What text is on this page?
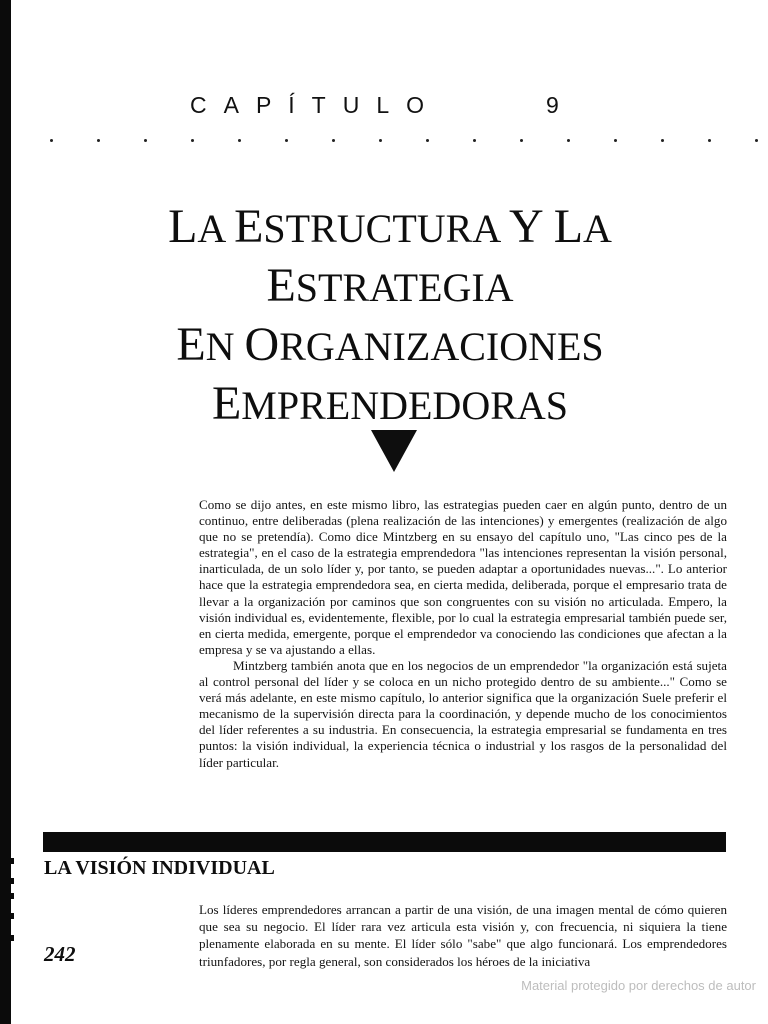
CAPÍTULO	9
LA ESTRUCTURA Y LA
ESTRATEGIA
EN ORGANIZACIONES
EMPRENDEDORAS

Como se dijo antes, en este mismo libro, las estrategias pueden caer en algún punto, dentro de un continuo, entre deliberadas (plena realización de las intenciones) y emergentes (realización de algo que no se pretendía). Como dice Mintzberg en su ensayo del capítulo uno, "Las cinco pes de la estrategia", en el caso de la estrategia emprendedora "las intenciones representan la visión personal, inarticulada, de un solo líder y, por tanto, se pueden adaptar a oportunidades nuevas...". Lo anterior hace que la estrategia emprendedora sea, en cierta medida, deliberada, porque el empresario trata de llevar a la organización por caminos que son congruentes con su visión no articulada. Empero, la visión individual es, evidentemente, flexible, por lo cual la estrategia empresarial también puede ser, en cierta medida, emergente, porque el emprendedor va conociendo las condiciones que afectan a la empresa y se va ajustando a ellas.

Mintzberg también anota que en los negocios de un emprendedor "la organización está sujeta al control personal del líder y se coloca en un nicho protegido dentro de su ambiente..." Como se verá más adelante, en este mismo capítulo, lo anterior significa que la organización Suele preferir el mecanismo de la supervisión directa para la coordinación, y depende mucho de los conocimientos del líder referentes a su industria. En consecuencia, la estrategia empresarial se fundamenta en tres puntos: la visión individual, la experiencia técnica o industrial y los rasgos de la personalidad del líder particular.

LA VISIÓN INDIVIDUAL

Los líderes emprendedores arrancan a partir de una visión, de una imagen mental de cómo quieren que sea su negocio. El líder rara vez articula esta visión y, con frecuencia, ni siquiera la tiene plenamente elaborada en su mente. El líder sólo "sabe" que algo funcionará. Los emprendedores triunfadores, por regla general, son considerados los héroes de la iniciativa

242
Material protegido por derechos de autor
